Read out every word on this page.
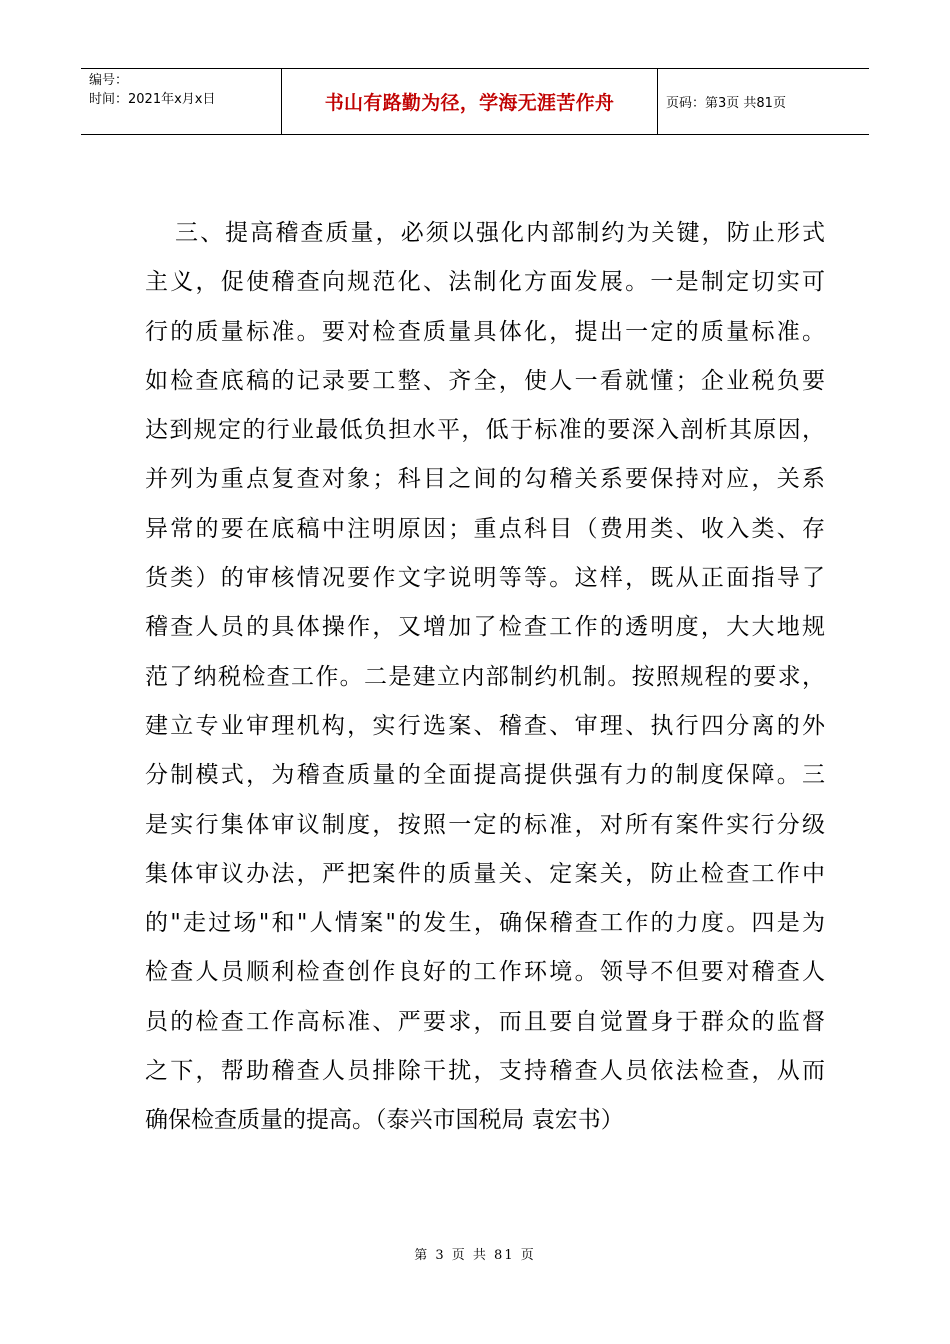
编号：
时间：2021年x月x日	书山有路勤为径，学海无涯苦作舟	页码：第3页 共81页
三、提高稽查质量，必须以强化内部制约为关键，防止形式
主义，促使稽查向规范化、法制化方面发展。一是制定切实可
行的质量标准。要对检查质量具体化，提出一定的质量标准。
如检查底稿的记录要工整、齐全，使人一看就懂；企业税负要
达到规定的行业最低负担水平，低于标准的要深入剖析其原因，
并列为重点复查对象；科目之间的勾稽关系要保持对应，关系
异常的要在底稿中注明原因；重点科目（费用类、收入类、存
货类）的审核情况要作文字说明等等。这样，既从正面指导了
稽查人员的具体操作，又增加了检查工作的透明度，大大地规
范了纳税检查工作。二是建立内部制约机制。按照规程的要求，
建立专业审理机构，实行选案、稽查、审理、执行四分离的外
分制模式，为稽查质量的全面提高提供强有力的制度保障。三
是实行集体审议制度，按照一定的标准，对所有案件实行分级
集体审议办法，严把案件的质量关、定案关，防止检查工作中
的"走过场"和"人情案"的发生，确保稽查工作的力度。四是为
检查人员顺利检查创作良好的工作环境。领导不但要对稽查人
员的检查工作高标准、严要求，而且要自觉置身于群众的监督
之下，帮助稽查人员排除干扰，支持稽查人员依法检查，从而
确保检查质量的提高。（泰兴市国税局 袁宏书）
第 3 页 共 81 页
